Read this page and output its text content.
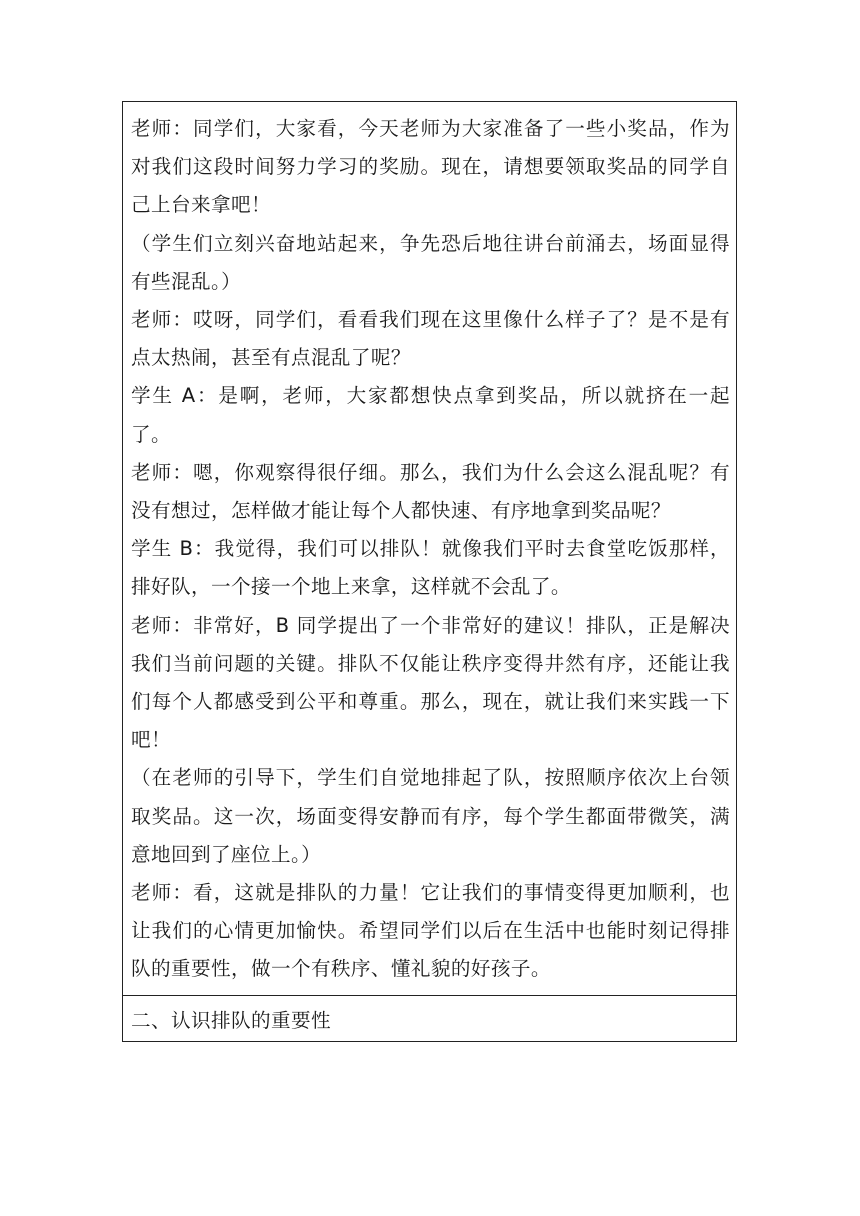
老师：同学们，大家看，今天老师为大家准备了一些小奖品，作为对我们这段时间努力学习的奖励。现在，请想要领取奖品的同学自己上台来拿吧！

（学生们立刻兴奋地站起来，争先恐后地往讲台前涌去，场面显得有些混乱。）

老师：哎呀，同学们，看看我们现在这里像什么样子了？是不是有点太热闹，甚至有点混乱了呢？

学生 A：是啊，老师，大家都想快点拿到奖品，所以就挤在一起了。

老师：嗯，你观察得很仔细。那么，我们为什么会这么混乱呢？有没有想过，怎样做才能让每个人都快速、有序地拿到奖品呢？

学生 B：我觉得，我们可以排队！就像我们平时去食堂吃饭那样，排好队，一个接一个地上来拿，这样就不会乱了。

老师：非常好，B 同学提出了一个非常好的建议！排队，正是解决我们当前问题的关键。排队不仅能让秩序变得井然有序，还能让我们每个人都感受到公平和尊重。那么，现在，就让我们来实践一下吧！

（在老师的引导下，学生们自觉地排起了队，按照顺序依次上台领取奖品。这一次，场面变得安静而有序，每个学生都面带微笑，满意地回到了座位上。）

老师：看，这就是排队的力量！它让我们的事情变得更加顺利，也让我们的心情更加愉快。希望同学们以后在生活中也能时刻记得排队的重要性，做一个有秩序、懂礼貌的好孩子。

二、认识排队的重要性
